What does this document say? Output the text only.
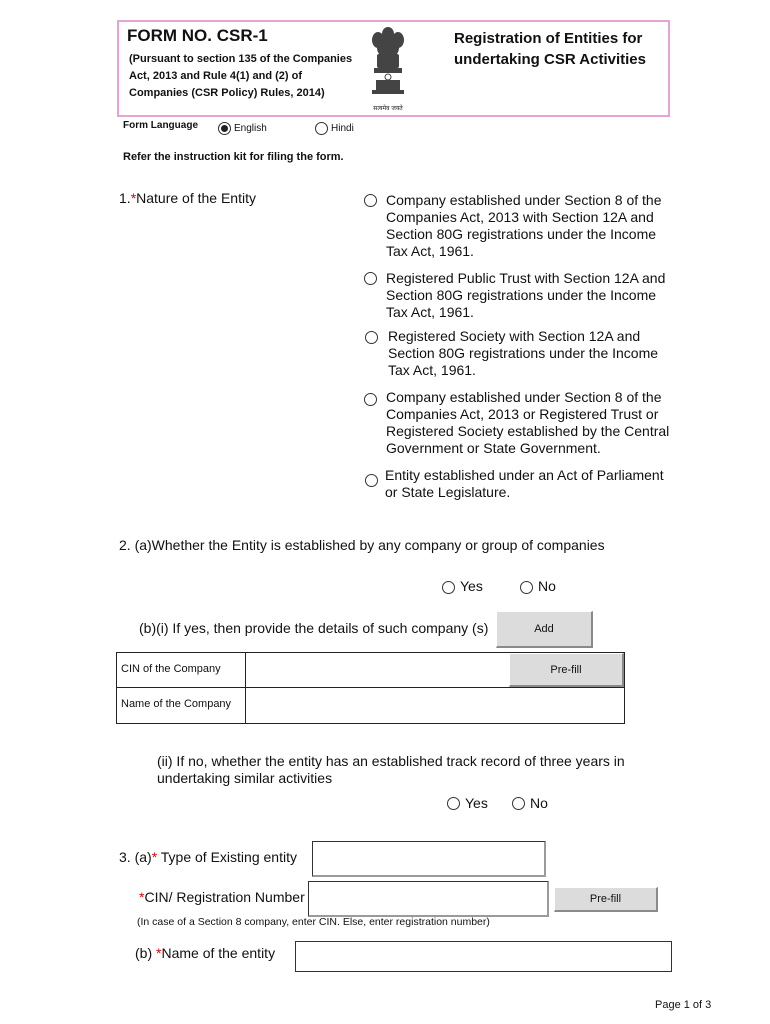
FORM NO. CSR-1
(Pursuant to section 135 of the Companies Act, 2013 and Rule 4(1) and (2) of Companies (CSR Policy) Rules, 2014)
Registration of Entities for undertaking CSR Activities
सत्यमेव जयते
Form Language	English	Hindi
Refer the instruction kit for filing the form.
1.*Nature of the Entity	Company established under Section 8 of the Companies Act, 2013 with Section 12A and Section 80G registrations under the Income Tax Act, 1961.
Registered Public Trust with Section 12A and Section 80G registrations under the Income Tax Act, 1961.
Registered Society with Section 12A and Section 80G registrations under the Income Tax Act, 1961.
Company established under Section 8 of the Companies Act, 2013 or Registered Trust or Registered Society established by the Central Government or State Government.
Entity established under an Act of Parliament or State Legislature.
2. (a)Whether the Entity is established by any company or group of companies
Yes	No
(b)(i) If yes, then provide the details of such company (s)	Add
CIN of the Company	Pre-fill
Name of the Company
(ii) If no, whether the entity has an established track record of three years in undertaking similar activities
Yes	No
3. (a)* Type of Existing entity
*CIN/ Registration Number	Pre-fill
(In case of a Section 8 company, enter CIN. Else, enter registration number)
(b) *Name of the entity
Page 1 of 3
